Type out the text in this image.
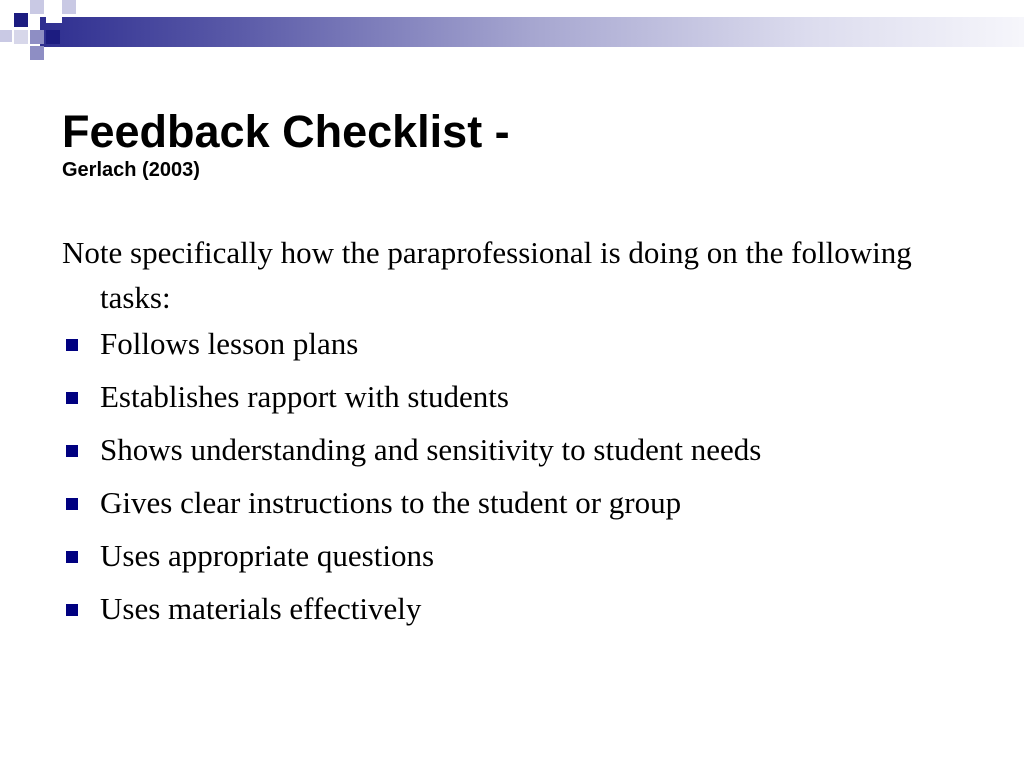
Feedback Checklist -
Gerlach (2003)

Note specifically how the paraprofessional is doing on the following tasks:

Follows lesson plans
Establishes rapport with students
Shows understanding and sensitivity to student needs
Gives clear instructions to the student or group
Uses appropriate questions
Uses materials effectively
